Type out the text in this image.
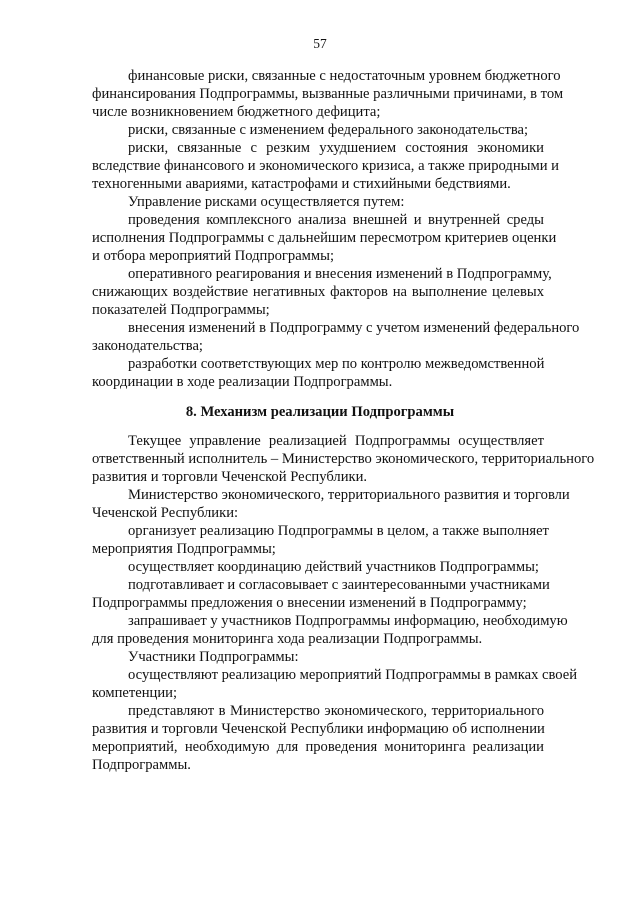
57
финансовые риски, связанные с недостаточным уровнем бюджетного
финансирования Подпрограммы, вызванные различными причинами, в том
числе возникновением бюджетного дефицита;
риски, связанные с изменением федерального законодательства;
риски, связанные с резким ухудшением состояния экономики
вследствие финансового и экономического кризиса, а также природными и
техногенными авариями, катастрофами и стихийными бедствиями.
Управление рисками осуществляется путем:
проведения комплексного анализа внешней и внутренней среды
исполнения Подпрограммы с дальнейшим пересмотром критериев оценки
и отбора мероприятий Подпрограммы;
оперативного реагирования и внесения изменений в Подпрограмму,
снижающих воздействие негативных факторов на выполнение целевых
показателей Подпрограммы;
внесения изменений в Подпрограмму с учетом изменений федерального
законодательства;
разработки соответствующих мер по контролю межведомственной
координации в ходе реализации Подпрограммы.
8. Механизм реализации Подпрограммы
Текущее управление реализацией Подпрограммы осуществляет
ответственный исполнитель – Министерство экономического, территориального
развития и торговли Чеченской Республики.
Министерство экономического, территориального развития и торговли
Чеченской Республики:
организует реализацию Подпрограммы в целом, а также выполняет
мероприятия Подпрограммы;
осуществляет координацию действий участников Подпрограммы;
подготавливает и согласовывает с заинтересованными участниками
Подпрограммы предложения о внесении изменений в Подпрограмму;
запрашивает у участников Подпрограммы информацию, необходимую
для проведения мониторинга хода реализации Подпрограммы.
Участники Подпрограммы:
осуществляют реализацию мероприятий Подпрограммы в рамках своей
компетенции;
представляют в Министерство экономического, территориального
развития и торговли Чеченской Республики информацию об исполнении
мероприятий, необходимую для проведения мониторинга реализации
Подпрограммы.
